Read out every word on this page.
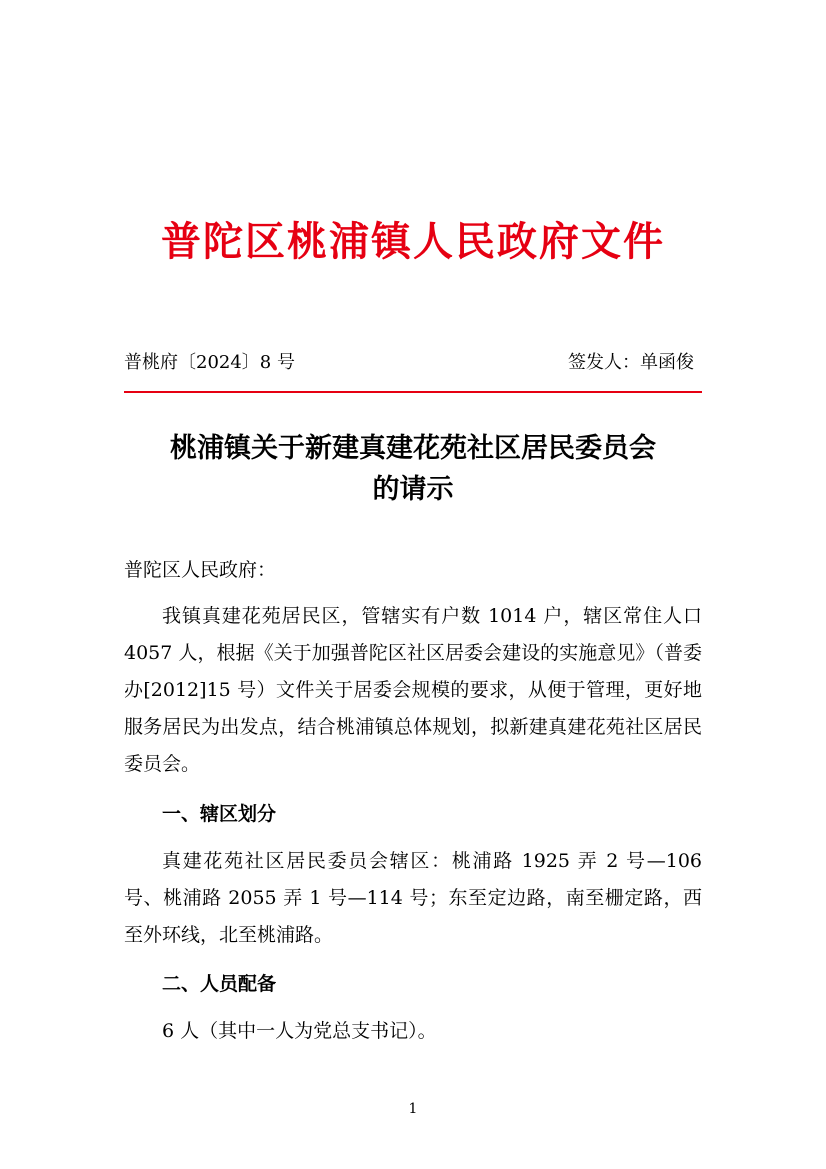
普陀区桃浦镇人民政府文件
普桃府〔2024〕8 号	签发人：单函俊
桃浦镇关于新建真建花苑社区居民委员会
的请示

普陀区人民政府：

我镇真建花苑居民区，管辖实有户数 1014 户，辖区常住人口 4057 人，根据《关于加强普陀区社区居委会建设的实施意见》（普委办[2012]15 号）文件关于居委会规模的要求，从便于管理，更好地服务居民为出发点，结合桃浦镇总体规划，拟新建真建花苑社区居民委员会。

一、辖区划分

真建花苑社区居民委员会辖区：桃浦路 1925 弄 2 号—106 号、桃浦路 2055 弄 1 号—114 号；东至定边路，南至栅定路，西至外环线，北至桃浦路。

二、人员配备

6 人（其中一人为党总支书记）。

1
